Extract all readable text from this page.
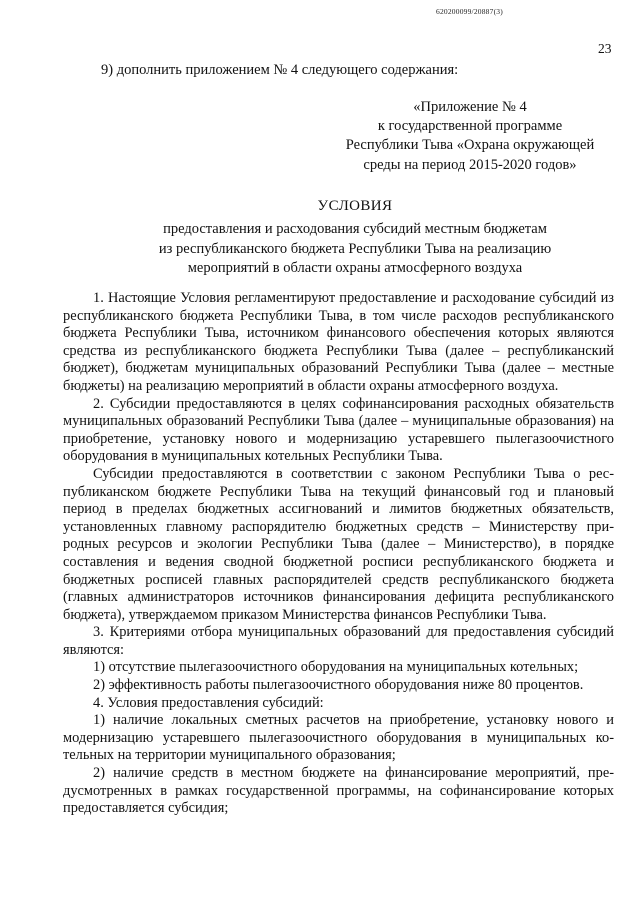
620200099/20887(3)
23
9) дополнить приложением № 4 следующего содержания:
«Приложение № 4
к государственной программе
Республики Тыва «Охрана окружающей
среды на период 2015-2020 годов»
УСЛОВИЯ
предоставления и расходования субсидий местным бюджетам
из республиканского бюджета Республики Тыва на реализацию
мероприятий в области охраны атмосферного воздуха

1. Настоящие Условия регламентируют предоставление и расходование субсидий из республиканского бюджета Республики Тыва, в том числе расходов республиканского бюджета Республики Тыва, источником финансового обеспечения которых являются средства из республиканского бюджета Республики Тыва (далее – республиканский бюджет), бюджетам муниципальных образований Республики Тыва (далее – местные бюджеты) на реализацию мероприятий в области охраны атмосферного воздуха.

2. Субсидии предоставляются в целях софинансирования расходных обязательств муниципальных образований Республики Тыва (далее – муниципальные образования) на приобретение, установку нового и модернизацию устаревшего пылегазоочистного оборудования в муниципальных котельных Республики Тыва.

Субсидии предоставляются в соответствии с законом Республики Тыва о республиканском бюджете Республики Тыва на текущий финансовый год и плановый период в пределах бюджетных ассигнований и лимитов бюджетных обязательств, установленных главному распорядителю бюджетных средств – Министерству природных ресурсов и экологии Республики Тыва (далее – Министерство), в порядке составления и ведения сводной бюджетной росписи республиканского бюджета и бюджетных росписей главных распорядителей средств республиканского бюджета (главных администраторов источников финансирования дефицита республиканского бюджета), утверждаемом приказом Министерства финансов Республики Тыва.

3. Критериями отбора муниципальных образований для предоставления субсидий являются:

1) отсутствие пылегазоочистного оборудования на муниципальных котельных;

2) эффективность работы пылегазоочистного оборудования ниже 80 процентов.

4. Условия предоставления субсидий:

1) наличие локальных сметных расчетов на приобретение, установку нового и модернизацию устаревшего пылегазоочистного оборудования в муниципальных котельных на территории муниципального образования;

2) наличие средств в местном бюджете на финансирование мероприятий, предусмотренных в рамках государственной программы, на софинансирование которых предоставляется субсидия;
